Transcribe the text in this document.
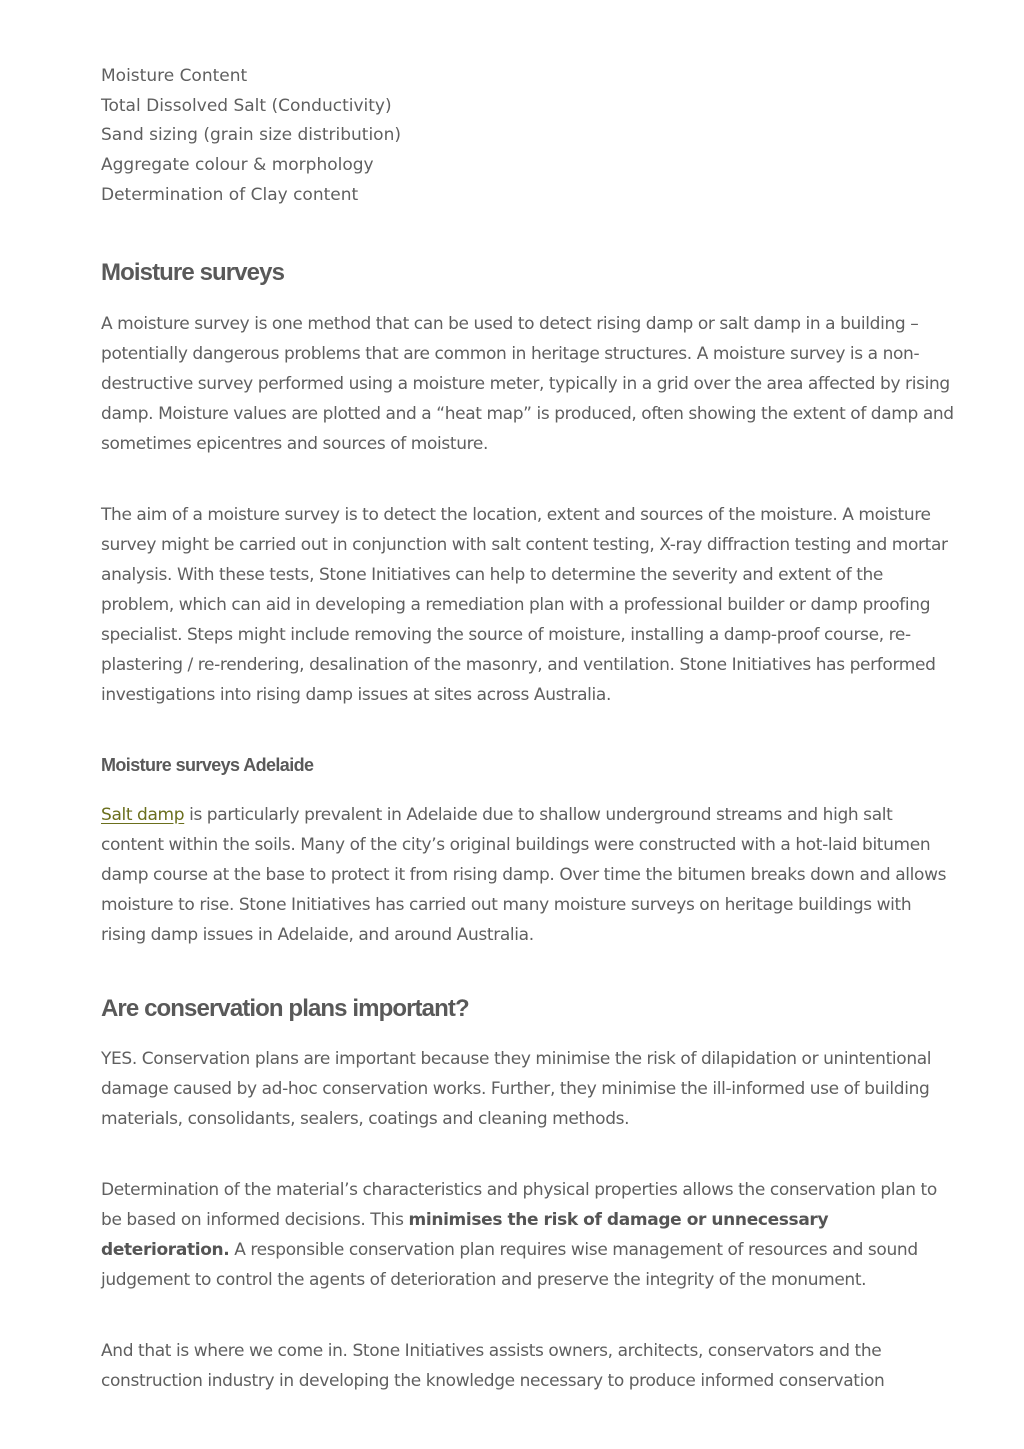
Moisture Content
Total Dissolved Salt (Conductivity)
Sand sizing (grain size distribution)
Aggregate colour & morphology
Determination of Clay content
Moisture surveys

A moisture survey is one method that can be used to detect rising damp or salt damp in a building – potentially dangerous problems that are common in heritage structures. A moisture survey is a non-destructive survey performed using a moisture meter, typically in a grid over the area affected by rising damp. Moisture values are plotted and a “heat map” is produced, often showing the extent of damp and sometimes epicentres and sources of moisture.

The aim of a moisture survey is to detect the location, extent and sources of the moisture. A moisture survey might be carried out in conjunction with salt content testing, X-ray diffraction testing and mortar analysis. With these tests, Stone Initiatives can help to determine the severity and extent of the problem, which can aid in developing a remediation plan with a professional builder or damp proofing specialist. Steps might include removing the source of moisture, installing a damp-proof course, re-plastering / re-rendering, desalination of the masonry, and ventilation. Stone Initiatives has performed investigations into rising damp issues at sites across Australia.

Moisture surveys Adelaide

Salt damp is particularly prevalent in Adelaide due to shallow underground streams and high salt content within the soils. Many of the city’s original buildings were constructed with a hot-laid bitumen damp course at the base to protect it from rising damp. Over time the bitumen breaks down and allows moisture to rise. Stone Initiatives has carried out many moisture surveys on heritage buildings with rising damp issues in Adelaide, and around Australia.

Are conservation plans important?

YES. Conservation plans are important because they minimise the risk of dilapidation or unintentional damage caused by ad-hoc conservation works. Further, they minimise the ill-informed use of building materials, consolidants, sealers, coatings and cleaning methods.

Determination of the material’s characteristics and physical properties allows the conservation plan to be based on informed decisions. This minimises the risk of damage or unnecessary deterioration. A responsible conservation plan requires wise management of resources and sound judgement to control the agents of deterioration and preserve the integrity of the monument.

And that is where we come in. Stone Initiatives assists owners, architects, conservators and the construction industry in developing the knowledge necessary to produce informed conservation
